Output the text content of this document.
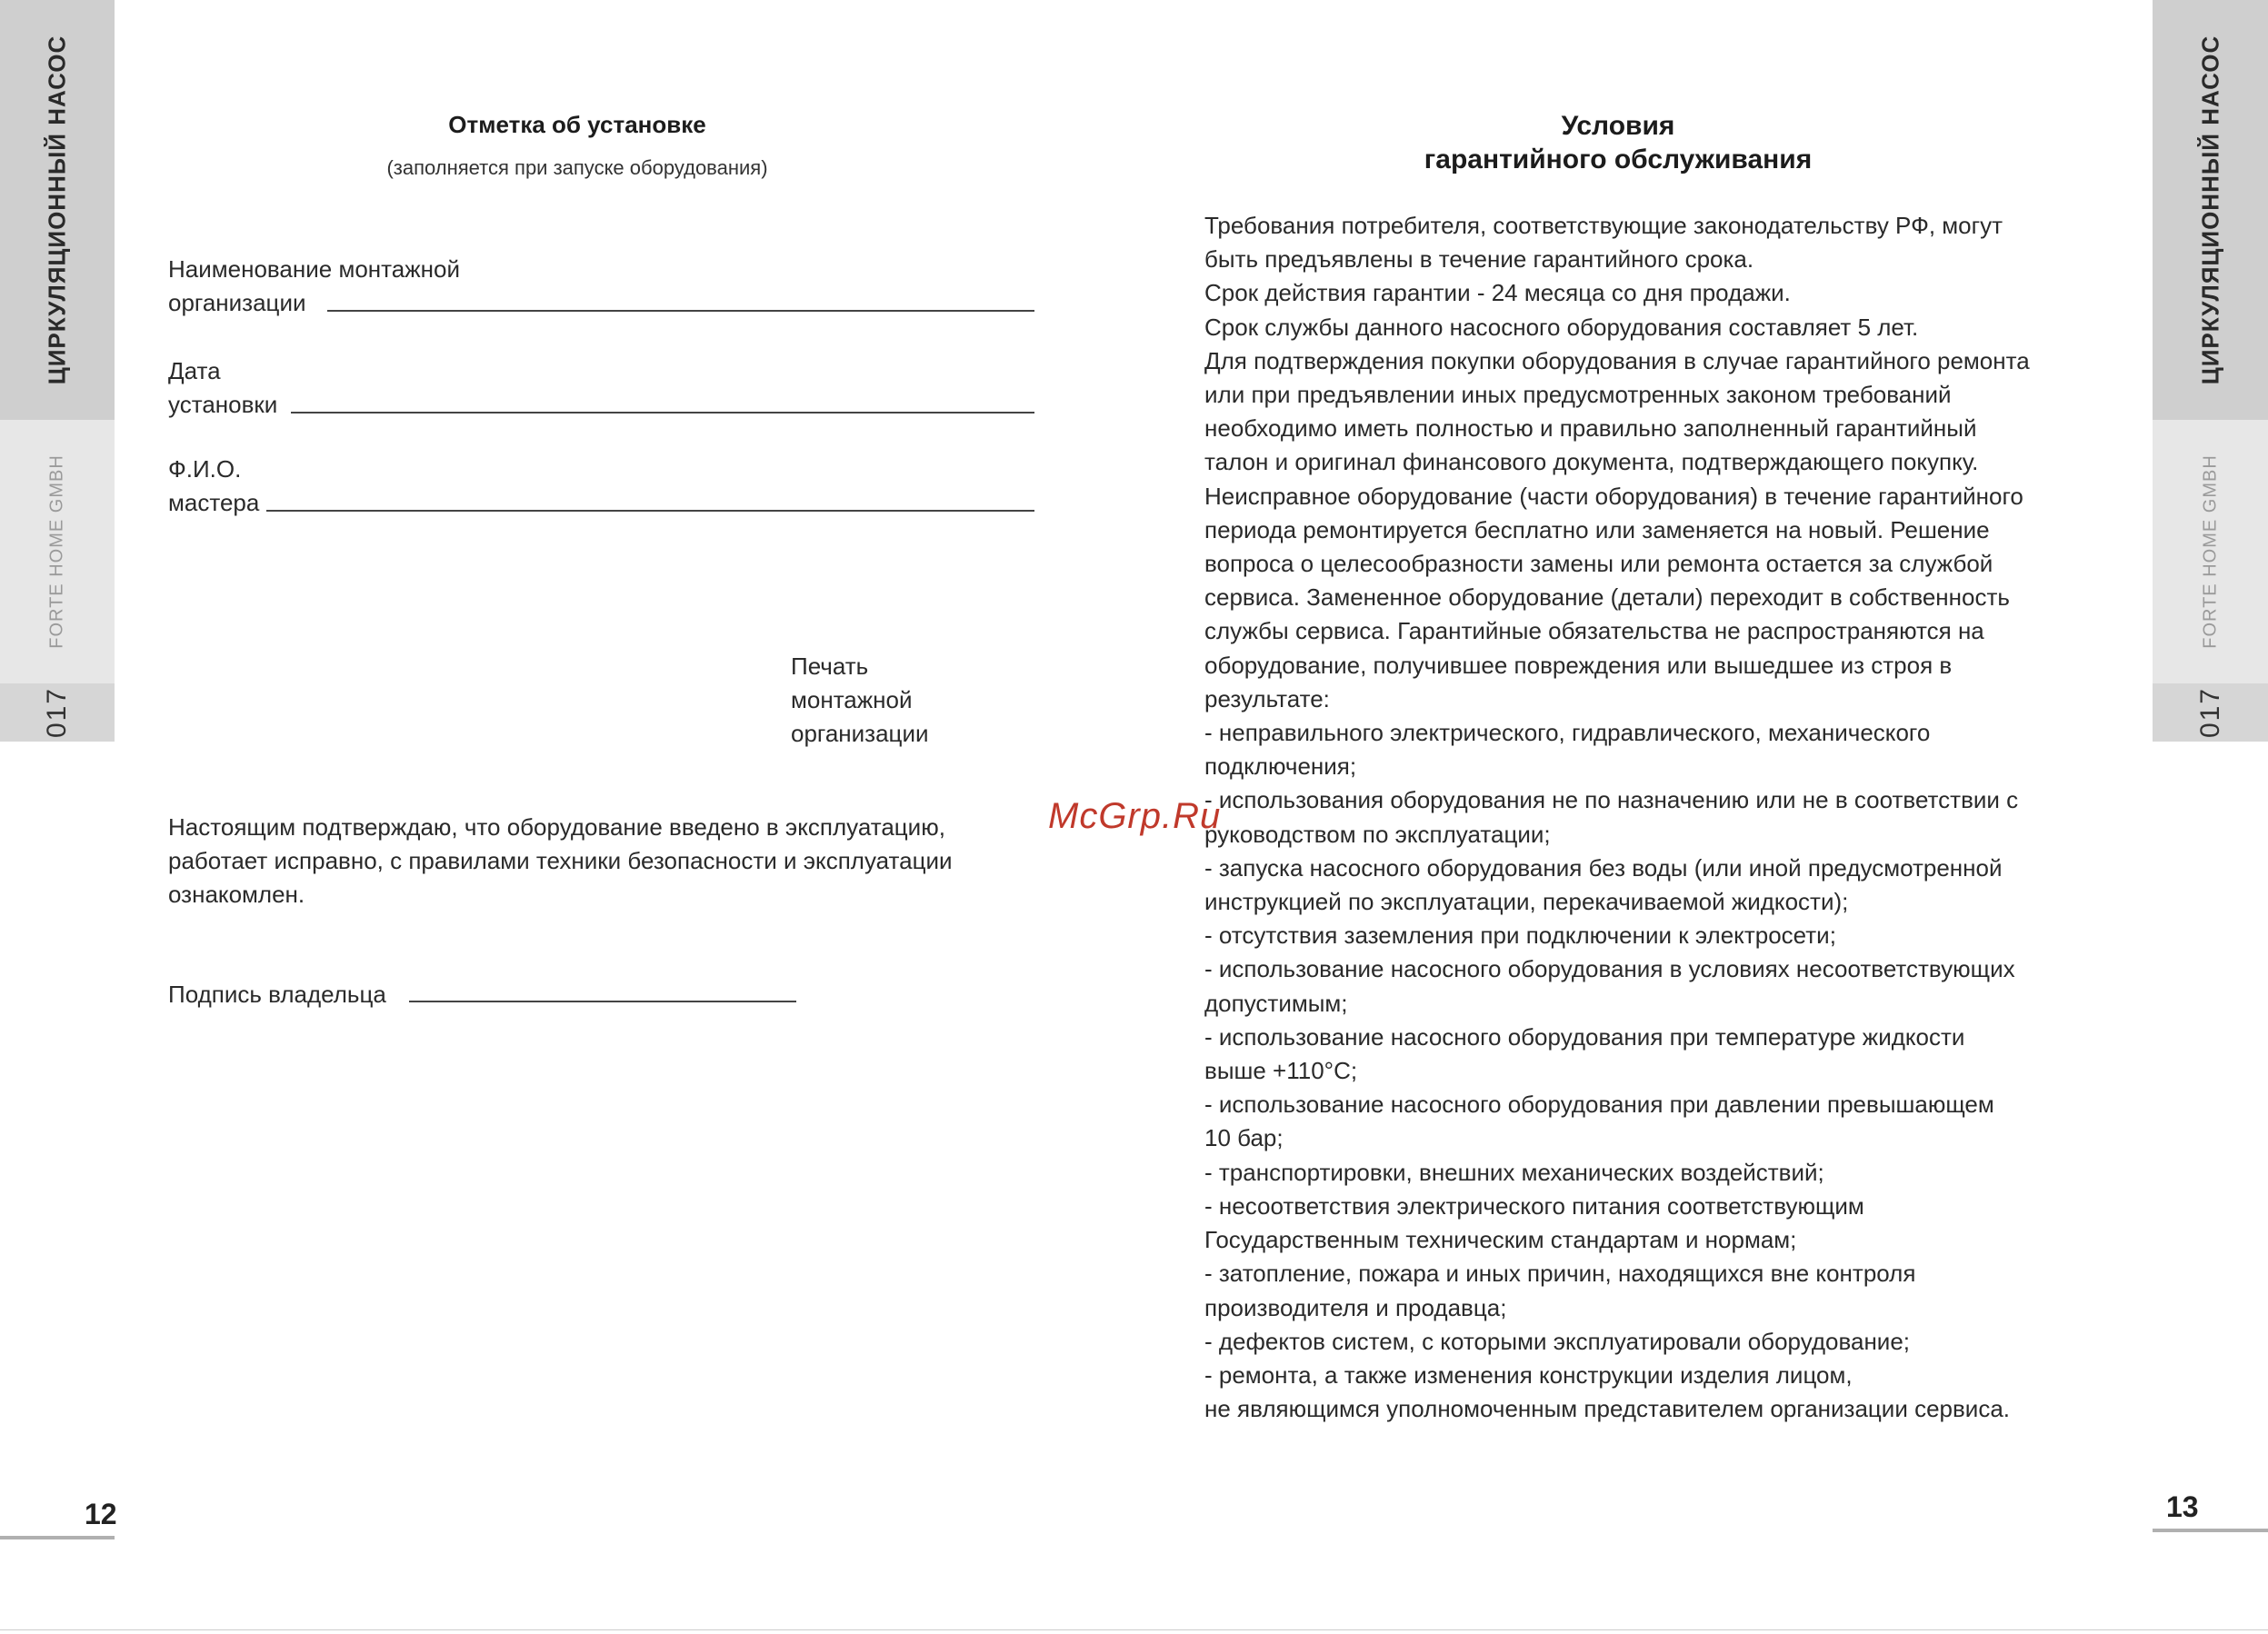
ЦИРКУЛЯЦИОННЫЙ НАСОС
FORTE HOME GMBH
017
ЦИРКУЛЯЦИОННЫЙ НАСОС
FORTE HOME GMBH
017
Отметка об установке
(заполняется при запуске оборудования)
Наименование монтажной
организации
Дата
установки
Ф.И.О.
мастера
Печать
монтажной
организации
Настоящим подтверждаю, что оборудование введено в эксплуатацию,
работает исправно, с правилами техники безопасности и эксплуатации
ознакомлен.
Подпись владельца
12
Условия
гарантийного обслуживания

Требования потребителя, соответствующие законодательству РФ, могут

быть предъявлены в течение гарантийного срока.

Срок действия гарантии - 24 месяца со дня продажи.

Срок службы данного насосного оборудования составляет 5 лет.

Для подтверждения покупки оборудования в случае гарантийного ремонта

или при предъявлении иных предусмотренных законом требований

необходимо иметь полностью и правильно заполненный гарантийный

талон и оригинал финансового документа, подтверждающего покупку.

Неисправное оборудование (части оборудования) в течение гарантийного

периода ремонтируется бесплатно или заменяется на новый. Решение

вопроса о целесообразности замены или ремонта остается за службой

сервиса. Замененное оборудование (детали) переходит в собственность

службы сервиса. Гарантийные обязательства не распространяются на

оборудование, получившее повреждения или вышедшее из строя в

результате:

- неправильного электрического, гидравлического, механического

подключения;

- использования оборудования не по назначению или не в соответствии с

руководством по эксплуатации;

- запуска насосного оборудования без воды (или иной предусмотренной

инструкцией по эксплуатации, перекачиваемой жидкости);

- отсутствия заземления при подключении к электросети;

- использование насосного оборудования в условиях несоответствующих

допустимым;

- использование насосного оборудования при температуре жидкости

выше +110°C;

- использование насосного оборудования при давлении превышающем

10 бар;

- транспортировки, внешних механических воздействий;

- несоответствия электрического питания соответствующим

Государственным техническим стандартам и нормам;

- затопление, пожара и иных причин, находящихся вне контроля

производителя и продавца;

- дефектов систем, с которыми эксплуатировали оборудование;

- ремонта, а также изменения конструкции изделия лицом,

не являющимся уполномоченным представителем организации сервиса.

13
McGrp.Ru
